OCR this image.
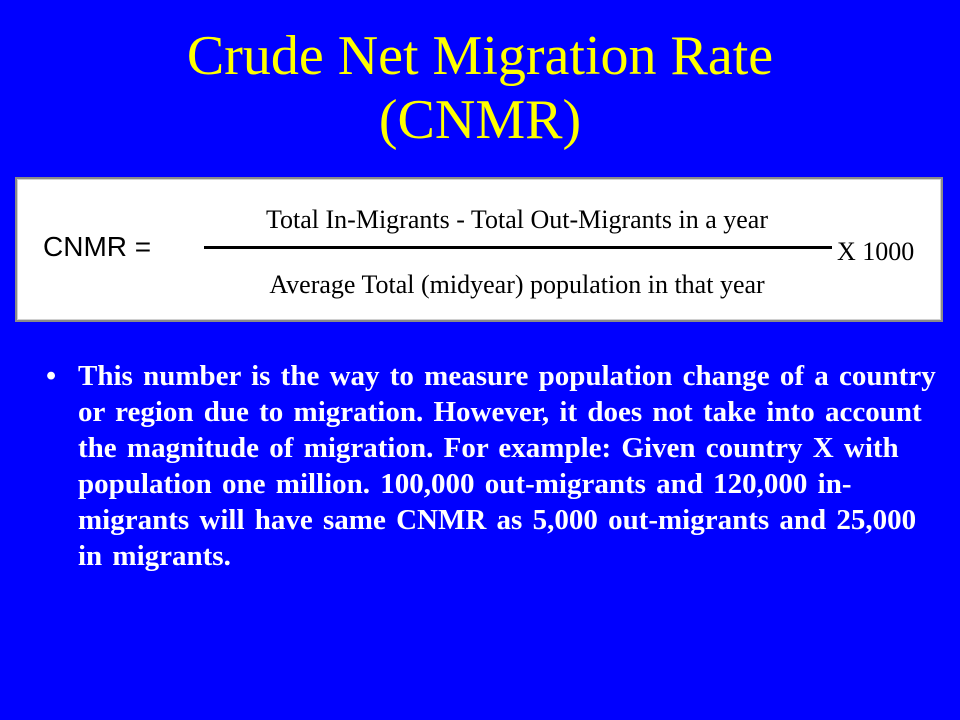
Crude Net Migration Rate
(CNMR)
CNMR =
Total In-Migrants - Total Out-Migrants in a year
Average Total (midyear) population in that year
X 1000
• This number is the way to measure population change of a country or region due to migration. However, it does not take into account the magnitude of migration. For example: Given country X with population one million. 100,000 out-migrants and 120,000 in-migrants will have same CNMR as 5,000 out-migrants and 25,000 in migrants.
